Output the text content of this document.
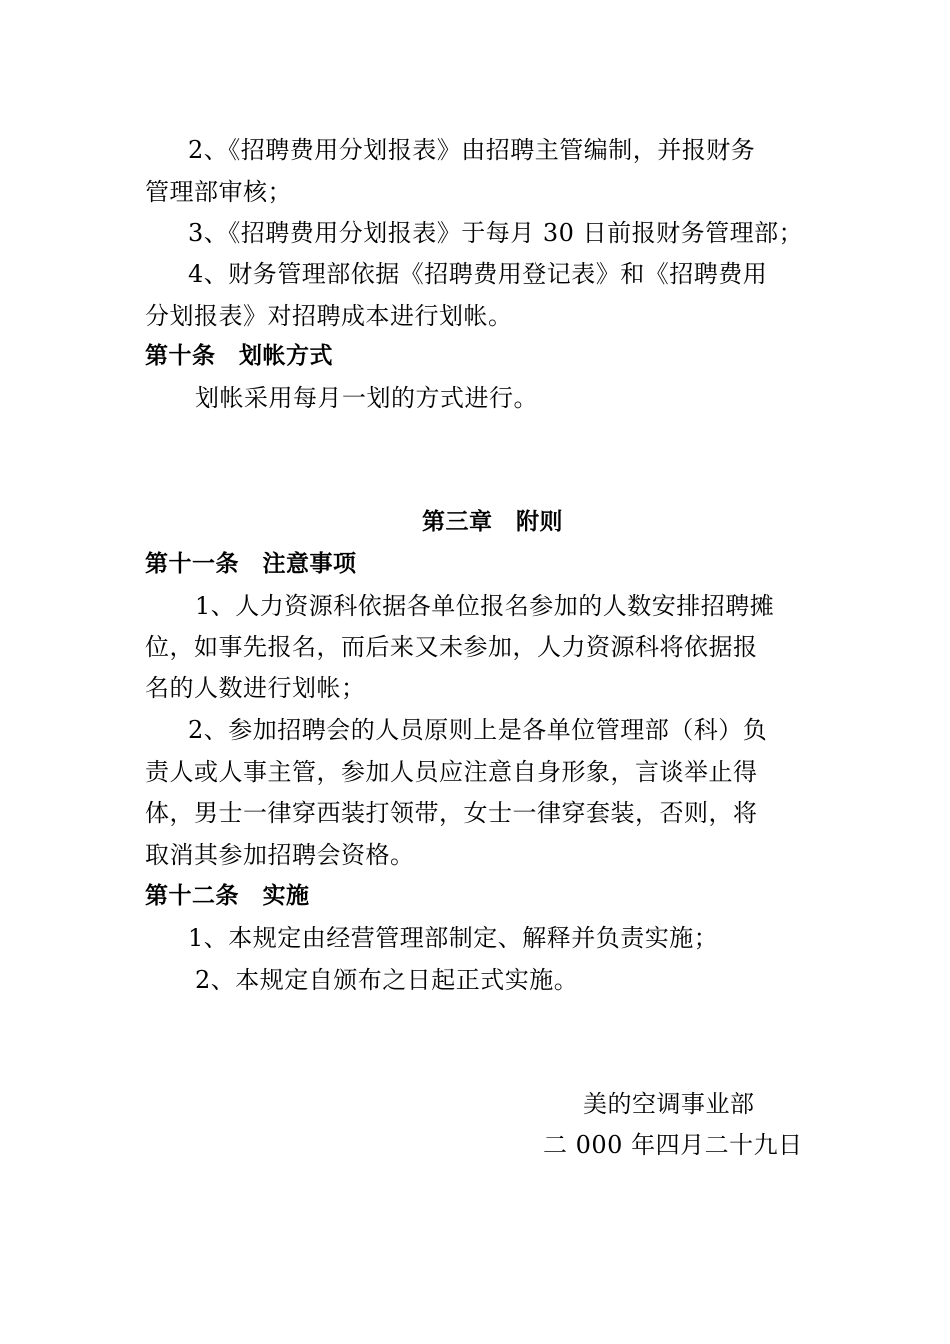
2、《招聘费用分划报表》由招聘主管编制，并报财务
管理部审核；
3、《招聘费用分划报表》于每月 30 日前报财务管理部；
4、财务管理部依据《招聘费用登记表》和《招聘费用
分划报表》对招聘成本进行划帐。
第十条　划帐方式
划帐采用每月一划的方式进行。
第三章　附则
第十一条　注意事项
1、人力资源科依据各单位报名参加的人数安排招聘摊
位，如事先报名，而后来又未参加，人力资源科将依据报
名的人数进行划帐；
2、参加招聘会的人员原则上是各单位管理部（科）负
责人或人事主管，参加人员应注意自身形象，言谈举止得
体，男士一律穿西装打领带，女士一律穿套装，否则，将
取消其参加招聘会资格。
第十二条　实施
1、本规定由经营管理部制定、解释并负责实施；
2、本规定自颁布之日起正式实施。
美的空调事业部
二 000 年四月二十九日
